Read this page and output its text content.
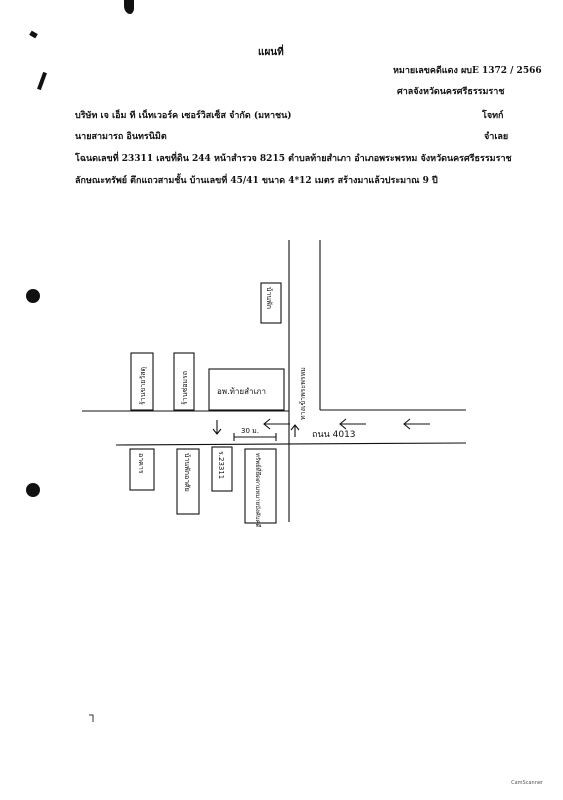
แผนที่
หมายเลขคดีแดง ผบE 1372 / 2566
ศาลจังหวัดนครศรีธรรมราช
บริษัท เจ เอ็ม ที เน็ทเวอร์ค เซอร์วิสเซ็ส จำกัด (มหาชน)	โจทก์
นายสามารถ อินทรนิมิต	จำเลย
โฉนดเลขที่ 23311 เลขที่ดิน 244 หน้าสำรวจ 8215 ตำบลท้ายสำเภา อำเภอพระพรหม จังหวัดนครศรีธรรมราช
ลักษณะทรัพย์ ตึกแถวสามชั้น บ้านเลขที่ 45/41 ขนาด 4*12 เมตร สร้างมาแล้วประมาณ 9 ปี
ถนน 4013
อพ.ท้ายสำเภา
30 ม.
ทางเข้าพระพรหม
ร้านขายวัสดุ	ร้านซ่อมรถ
บ้านพัก
อาคาร	บ้านพักอาศัย	ร.23311	ทรัพย์ที่ยึดตามหมายบังคับคดี
CamScanner
